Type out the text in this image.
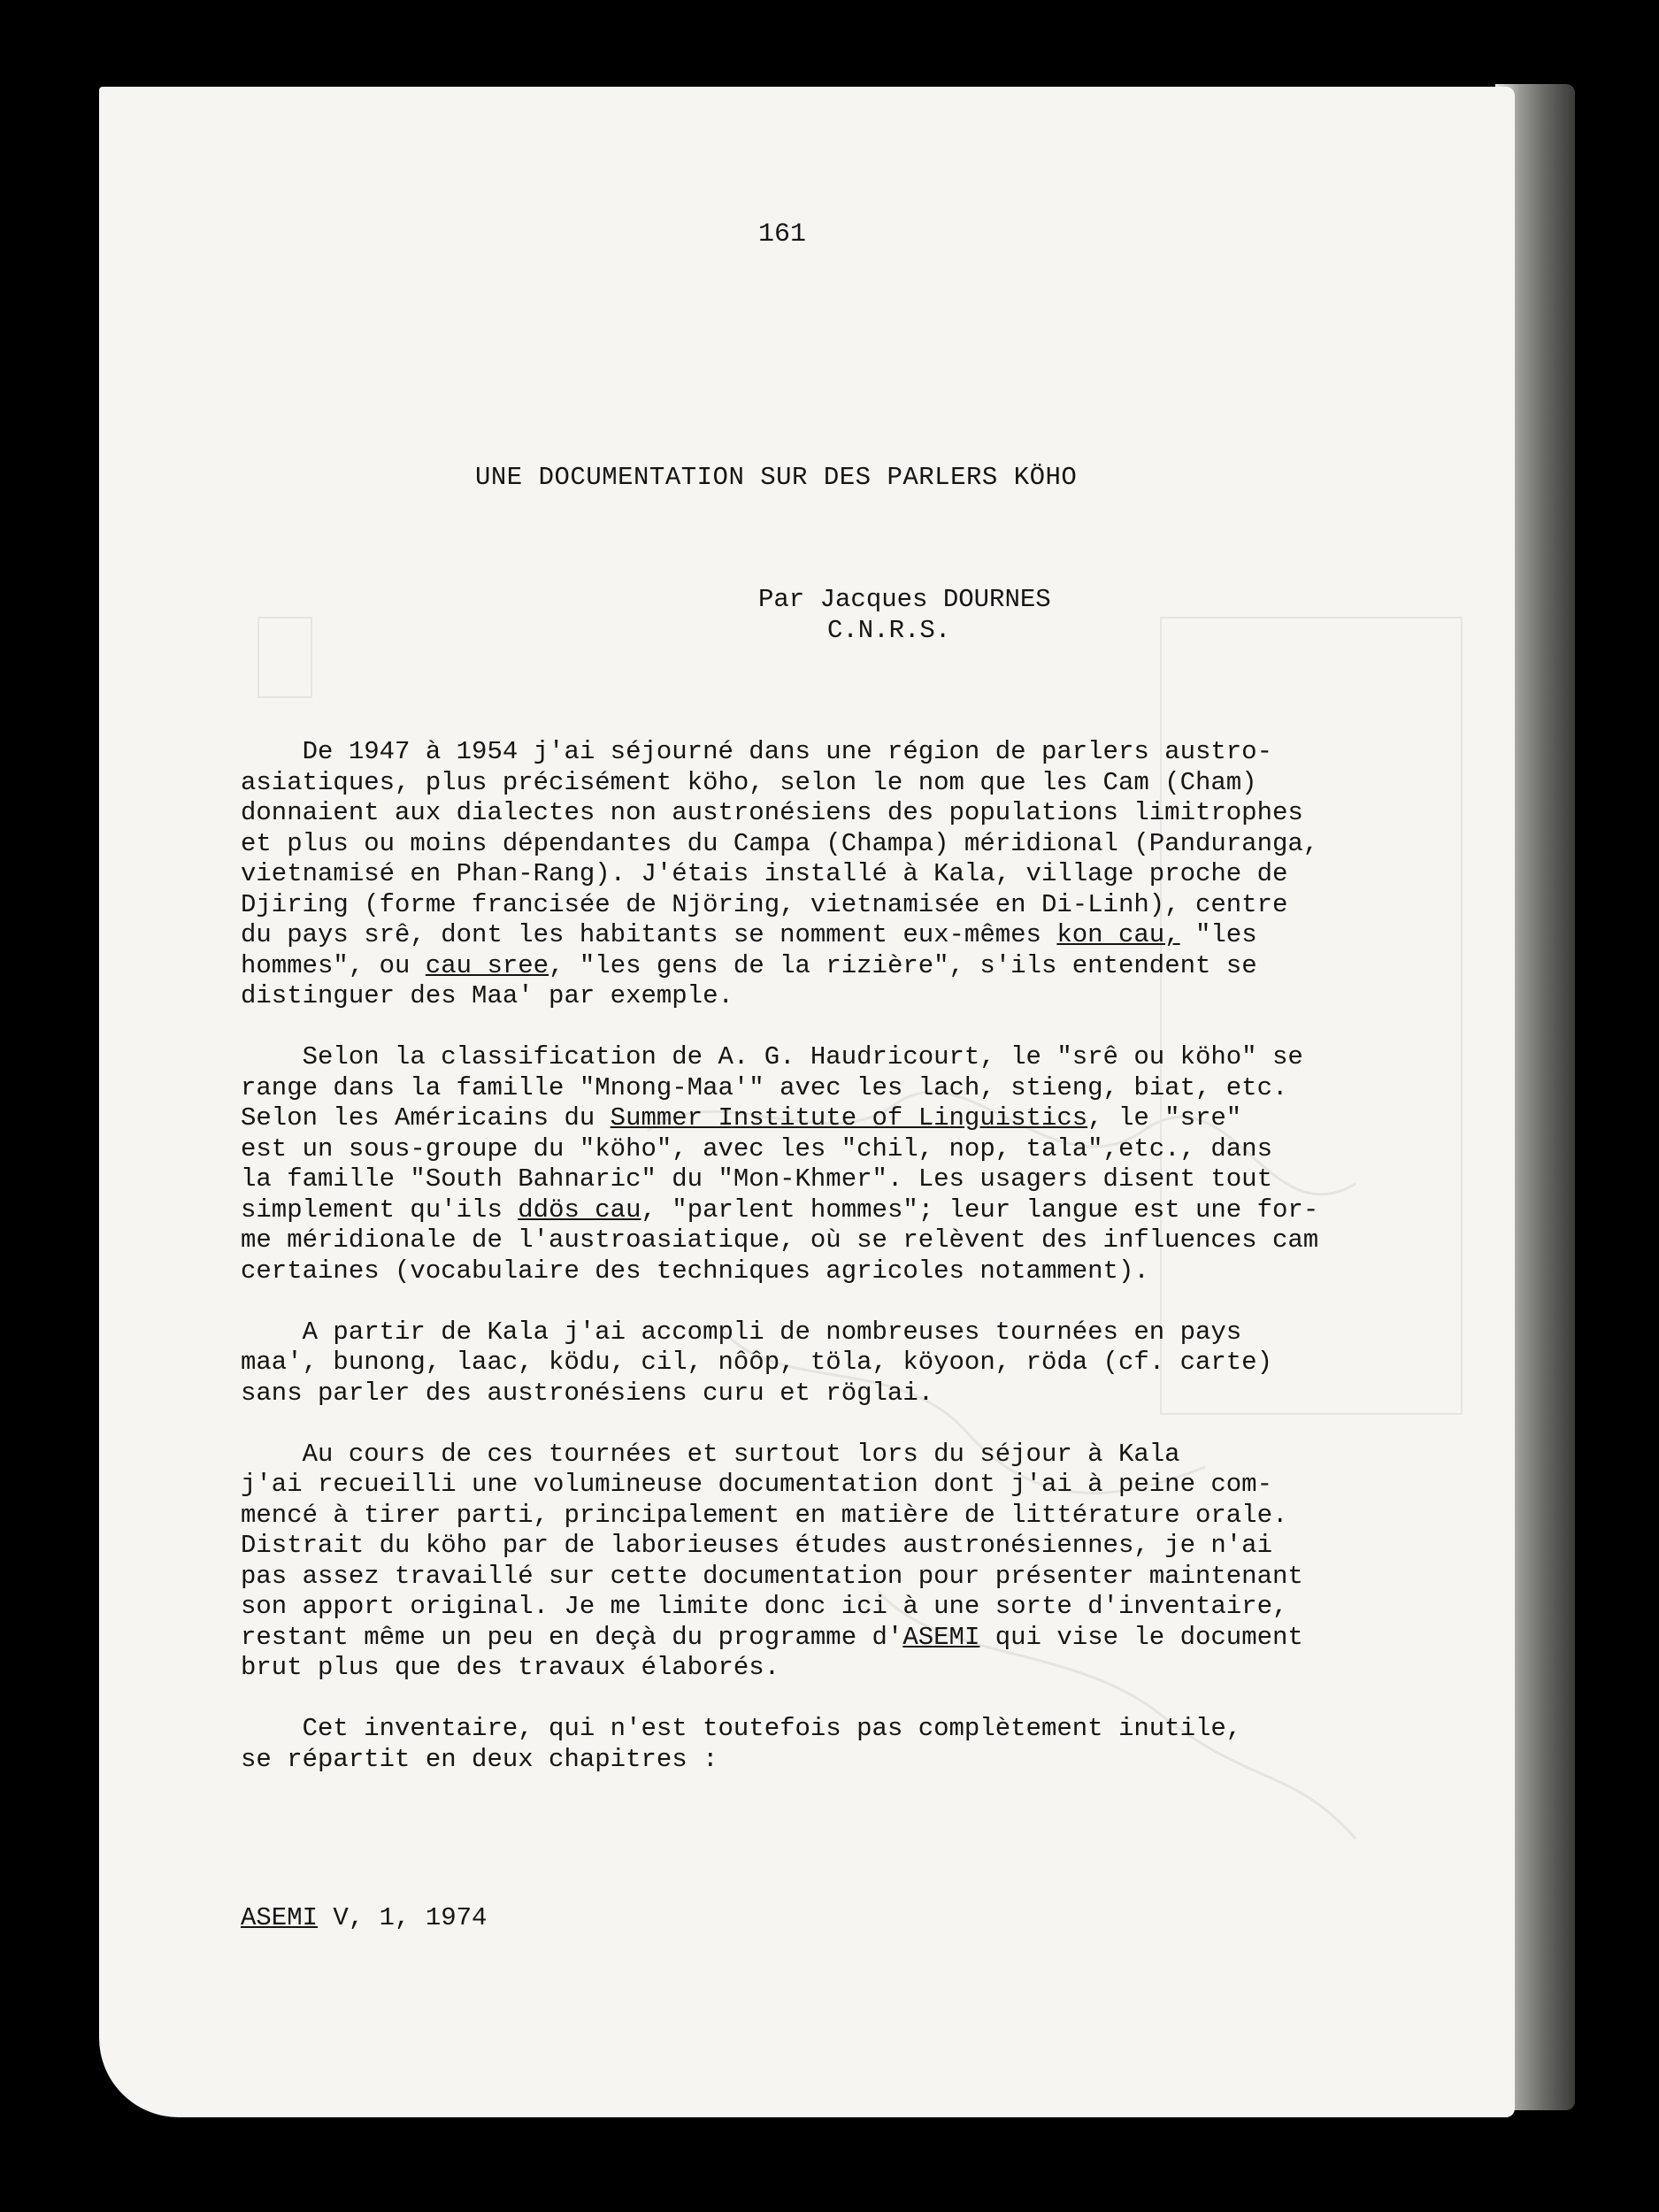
161
UNE DOCUMENTATION SUR DES PARLERS KÖHO
Par Jacques DOURNES
C.N.R.S.
De 1947 à 1954 j'ai séjourné dans une région de parlers austro-
asiatiques, plus précisément köho, selon le nom que les Cam (Cham)
donnaient aux dialectes non austronésiens des populations limitrophes
et plus ou moins dépendantes du Campa (Champa) méridional (Panduranga,
vietnamisé en Phan-Rang). J'étais installé à Kala, village proche de
Djiring (forme francisée de Njöring, vietnamisée en Di-Linh), centre
du pays srê, dont les habitants se nomment eux-mêmes kon cau, "les
hommes", ou cau sree, "les gens de la rizière", s'ils entendent se
distinguer des Maa' par exemple.
Selon la classification de A. G. Haudricourt, le "srê ou köho" se
range dans la famille "Mnong-Maa'" avec les lach, stieng, biat, etc.
Selon les Américains du Summer Institute of Linguistics, le "sre"
est un sous-groupe du "köho", avec les "chil, nop, tala",etc., dans
la famille "South Bahnaric" du "Mon-Khmer". Les usagers disent tout
simplement qu'ils ddös cau, "parlent hommes"; leur langue est une for-
me méridionale de l'austroasiatique, où se relèvent des influences cam
certaines (vocabulaire des techniques agricoles notamment).
A partir de Kala j'ai accompli de nombreuses tournées en pays
maa', bunong, laac, ködu, cil, nôôp, töla, köyoon, röda (cf. carte)
sans parler des austronésiens curu et röglai.
Au cours de ces tournées et surtout lors du séjour à Kala
j'ai recueilli une volumineuse documentation dont j'ai à peine com-
mencé à tirer parti, principalement en matière de littérature orale.
Distrait du köho par de laborieuses études austronésiennes, je n'ai
pas assez travaillé sur cette documentation pour présenter maintenant
son apport original. Je me limite donc ici à une sorte d'inventaire,
restant même un peu en deçà du programme d'ASEMI qui vise le document
brut plus que des travaux élaborés.
Cet inventaire, qui n'est toutefois pas complètement inutile,
se répartit en deux chapitres :
ASEMI V, 1, 1974
